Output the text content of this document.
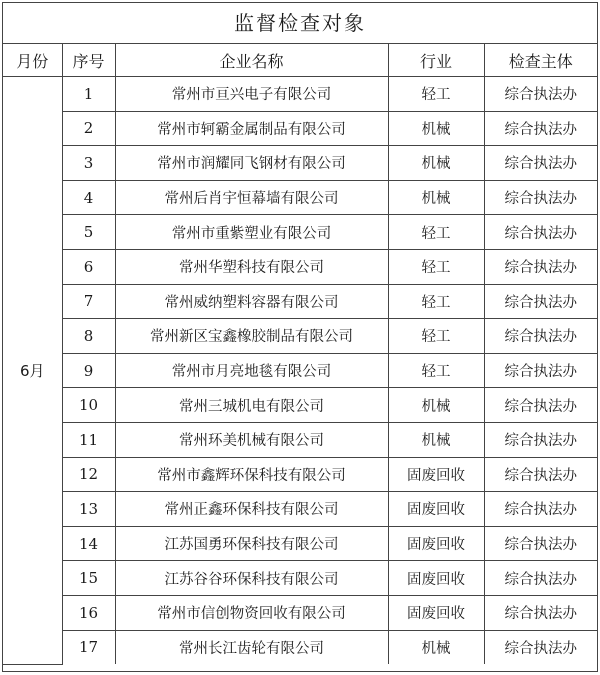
监督检查对象
月份	序号	企业名称	行业	检查主体
6月	1	常州市亘兴电子有限公司	轻工	综合执法办
	2	常州市轲霸金属制品有限公司	机械	综合执法办
	3	常州市润耀同飞钢材有限公司	机械	综合执法办
	4	常州后肖宇恒幕墙有限公司	机械	综合执法办
	5	常州市重紫塑业有限公司	轻工	综合执法办
	6	常州华塑科技有限公司	轻工	综合执法办
	7	常州威纳塑料容器有限公司	轻工	综合执法办
	8	常州新区宝鑫橡胶制品有限公司	轻工	综合执法办
	9	常州市月亮地毯有限公司	轻工	综合执法办
	10	常州三城机电有限公司	机械	综合执法办
	11	常州环美机械有限公司	机械	综合执法办
	12	常州市鑫辉环保科技有限公司	固废回收	综合执法办
	13	常州正鑫环保科技有限公司	固废回收	综合执法办
	14	江苏国勇环保科技有限公司	固废回收	综合执法办
	15	江苏谷谷环保科技有限公司	固废回收	综合执法办
	16	常州市信创物资回收有限公司	固废回收	综合执法办
	17	常州长江齿轮有限公司	机械	综合执法办
